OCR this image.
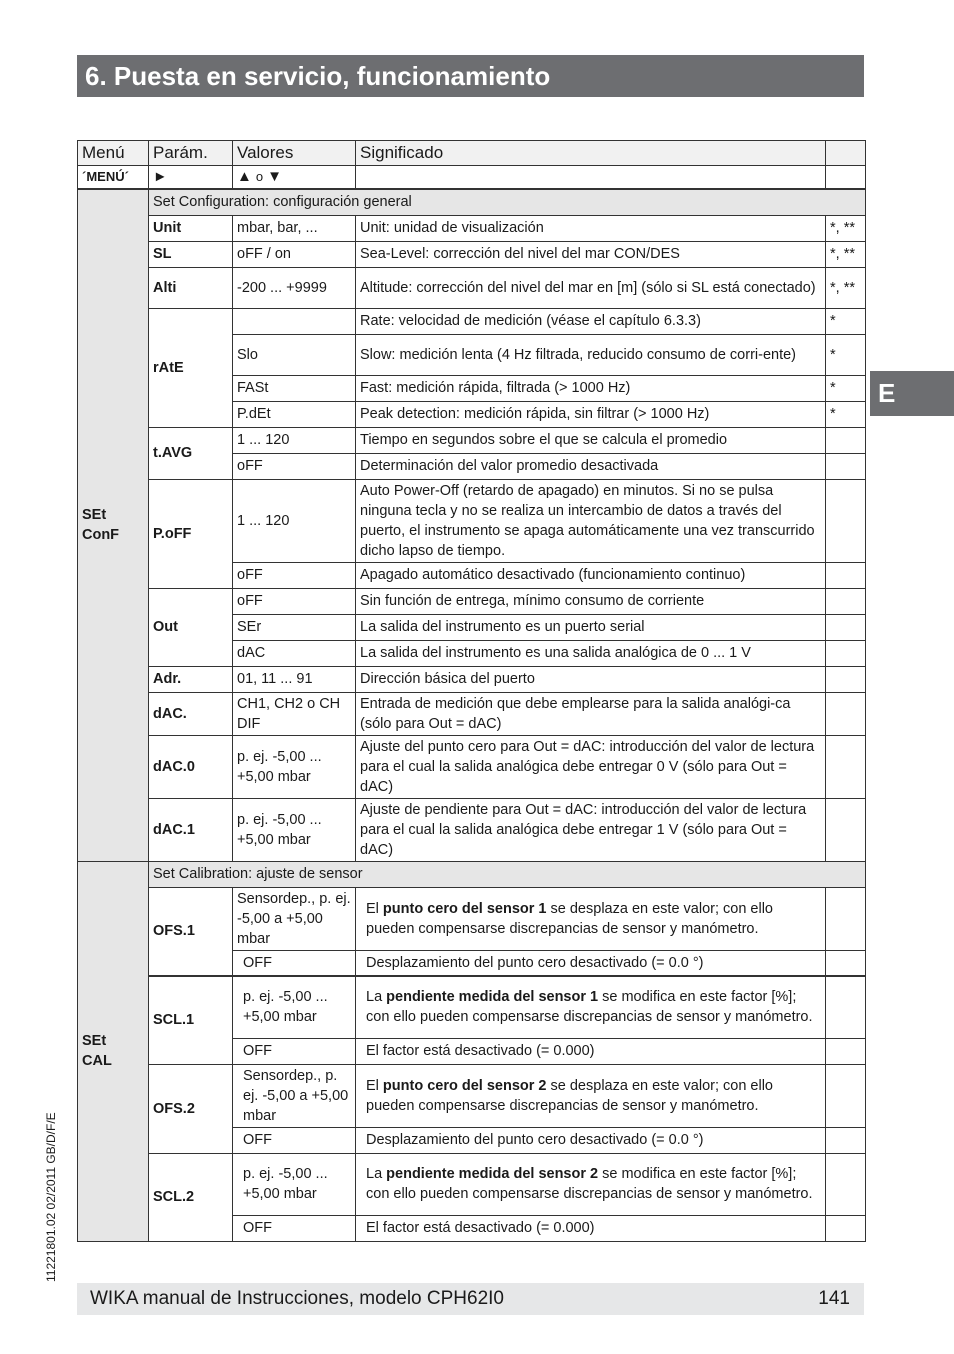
6. Puesta en servicio, funcionamiento
E
11221801.02 02/2011 GB/D/F/E
Menú	Parám.	Valores	Significado	
´MENÚ´	►	▲ o ▼		

SEt
ConF	Set Configuration: configuración general			
	Unit	mbar, bar, ...	Unit: unidad de visualización	*, **
	SL	oFF / on	Sea-Level: corrección del nivel del mar CON/DES	*, **
	Alti	-200 ... +9999	Altitude: corrección del nivel del mar en [m] (sólo si SL está conectado)	*, **
	rAtE		Rate: velocidad de medición (véase el capítulo 6.3.3)	*
		Slo	Slow: medición lenta (4 Hz filtrada, reducido consumo de corri-ente)	*
		FASt	Fast: medición rápida, filtrada (> 1000 Hz)	*
		P.dEt	Peak detection: medición rápida, sin filtrar (> 1000 Hz)	*
	t.AVG	1 ... 120	Tiempo en segundos sobre el que se calcula el promedio	
		oFF	Determinación del valor promedio desactivada	
	P.oFF	1 ... 120	Auto Power-Off (retardo de apagado) en minutos. Si no se pulsa ninguna tecla y no se realiza un intercambio de datos a través del puerto, el instrumento se apaga automáticamente una vez transcurrido dicho lapso de tiempo.	
		oFF	Apagado automático desactivado (funcionamiento continuo)	
	Out	oFF	Sin función de entrega, mínimo consumo de corriente	
		SEr	La salida del instrumento es un puerto serial	
		dAC	La salida del instrumento es una salida analógica de 0 ... 1 V	
	Adr.	01, 11 ... 91	Dirección básica del puerto	
	dAC.	CH1, CH2 o CH DIF	Entrada de medición que debe emplearse para la salida analógi-ca (sólo para Out = dAC)	
	dAC.0	p. ej. -5,00 ... +5,00 mbar	Ajuste del punto cero para Out = dAC: introducción del valor de lectura para el cual la salida analógica debe entregar 0 V (sólo para Out = dAC)	
	dAC.1	p. ej. -5,00 ... +5,00 mbar	Ajuste de pendiente para Out = dAC: introducción del valor de lectura para el cual la salida analógica debe entregar 1 V (sólo para Out = dAC)	

SEt
CAL	Set Calibration: ajuste de sensor			
	OFS.1	Sensordep., p. ej. -5,00 a +5,00 mbar	El punto cero del sensor 1 se desplaza en este valor; con ello pueden compensarse discrepancias de sensor y manómetro.	
		OFF	Desplazamiento del punto cero desactivado (= 0.0 °)	
	SCL.1	p. ej. -5,00 ... +5,00 mbar	La pendiente medida del sensor 1 se modifica en este factor [%]; con ello pueden compensarse discrepancias de sensor y manómetro.	
		OFF	El factor está desactivado (= 0.000)	
	OFS.2	Sensordep., p. ej. -5,00 a +5,00 mbar	El punto cero del sensor 2 se desplaza en este valor; con ello pueden compensarse discrepancias de sensor y manómetro.	
		OFF	Desplazamiento del punto cero desactivado (= 0.0 °)	
	SCL.2	p. ej. -5,00 ... +5,00 mbar	La pendiente medida del sensor 2 se modifica en este factor [%]; con ello pueden compensarse discrepancias de sensor y manómetro.	
		OFF	El factor está desactivado (= 0.000)	
WIKA manual de Instrucciones, modelo CPH62I0	141
